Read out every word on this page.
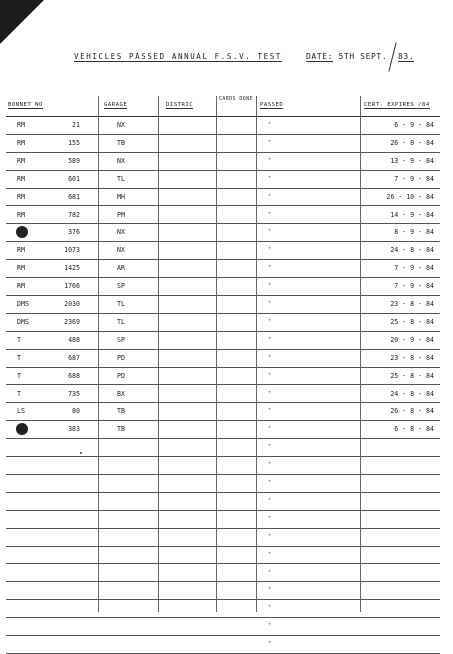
VEHICLES PASSED ANNUAL F.S.V. TEST	DATE: 5TH SEPT. 83.
BONNET NO	GARAGE	DISTRIC
CARDS DONE
PASSED	CERT. EXPIRES /84
RM	21	NX	"	6 - 9 - 84
RM	155	TB	"	26 - 8 - 84
RM	589	NX	"	13 - 9 - 84
RM	601	TL	"	7 - 9 - 84
RM	681	MH	"	26 - 10 - 84
RM	782	PM	"	14 - 9 - 84
376	NX	"	8 - 9 - 84
RM	1073	NX	"	24 - 8 - 84
RM	1425	AR	"	7 - 9 - 84
RM	1766	SP	"	7 - 9 - 84
DMS	2030	TL	"	23 - 8 - 84
DMS	2369	TL	"	25 - 8 - 84
T	488	SP	"	20 - 9 - 84
T	687	PD	"	23 - 8 - 84
T	688	PD	"	25 - 8 - 84
T	735	BX	"	24 - 8 - 84
LS	80	TB	"	26 - 8 - 84
383	TB	"	6 - 8 - 84
"
"
"
"
"
"
"
"
"
"
"
"
